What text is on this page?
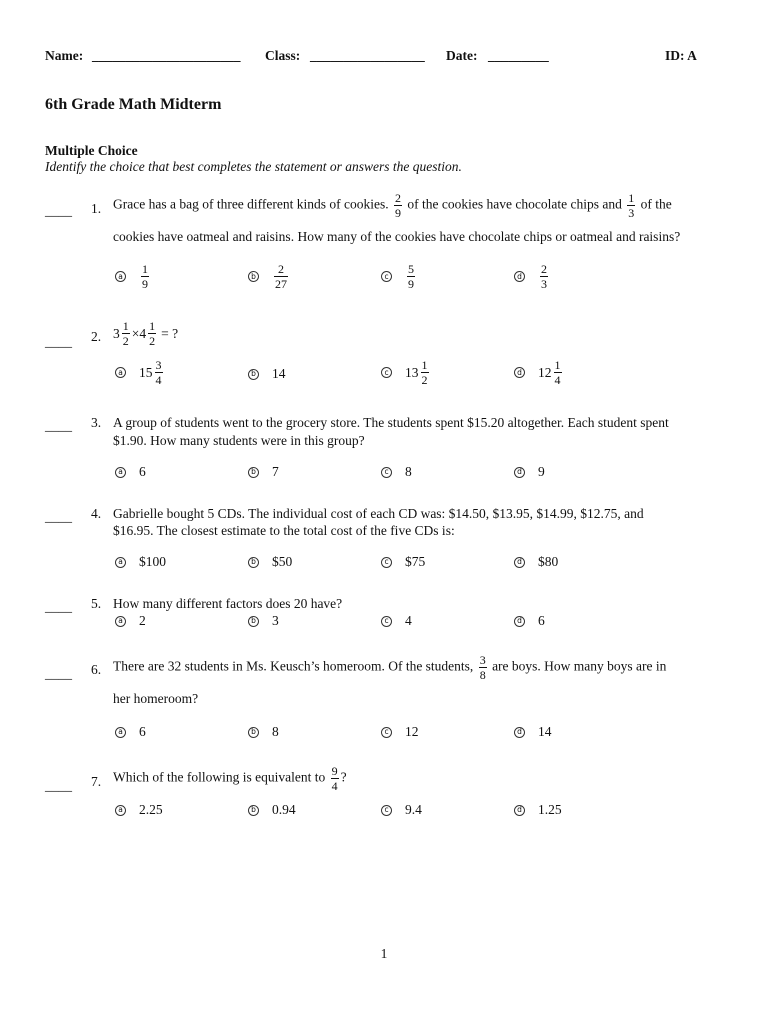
Name: ______________________ Class: _________________ Date: _________	ID: A
6th Grade Math Midterm
Multiple Choice
Identify the choice that best completes the statement or answers the question.
____ 1. Grace has a bag of three different kinds of cookies. $\frac{2}{9}$ of the cookies have chocolate chips and $\frac{1}{3}$ of the
cookies have oatmeal and raisins. How many of the cookies have chocolate chips or oatmeal and raisins?
a $\frac{1}{9}$	b $\frac{2}{27}$	c $\frac{5}{9}$	d $\frac{2}{3}$
____ 2. $3 \frac{1}{2} \times 4 \frac{1}{2}$ = ?
a $15 \frac{3}{4}$	b 14	c $13 \frac{1}{2}$	d $12 \frac{1}{4}$
____ 3. A group of students went to the grocery store. The students spent $15.20 altogether. Each student spent
$1.90. How many students were in this group?
a 6	b 7	c 8	d 9
____ 4. Gabrielle bought 5 CDs. The individual cost of each CD was: $14.50, $13.95, $14.99, $12.75, and
$16.95. The closest estimate to the total cost of the five CDs is:
a $100	b $50	c $75	d $80
____ 5. How many different factors does 20 have?
a 2	b 3	c 4	d 6
____ 6. There are 32 students in Ms. Keusch’s homeroom. Of the students, $\frac{3}{8}$ are boys. How many boys are in
her homeroom?
a 6	b 8	c 12	d 14
____ 7. Which of the following is equivalent to $\frac{9}{4}$ ?
a 2.25	b 0.94	c 9.4	d 1.25
1
